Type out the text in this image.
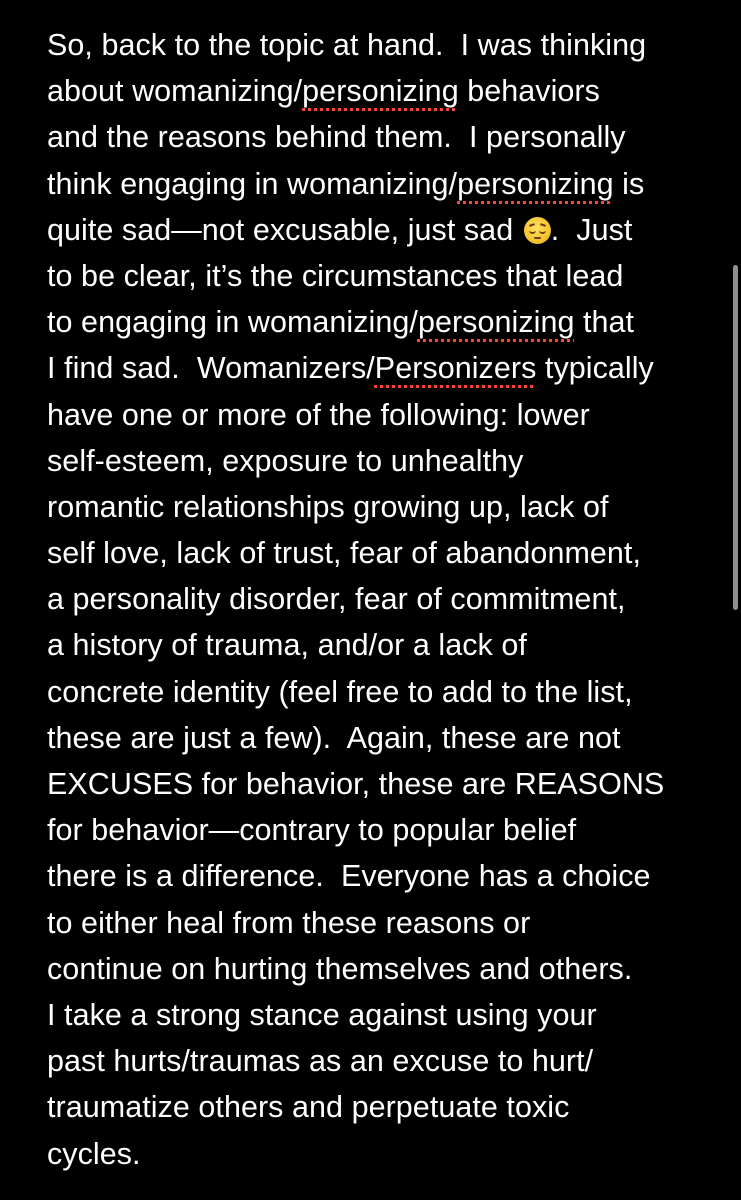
So, back to the topic at hand.  I was thinking
about womanizing/personizing behaviors
and the reasons behind them.  I personally
think engaging in womanizing/personizing is
quite sad—not excusable, just sad
.  Just
to be clear, it’s the circumstances that lead
to engaging in womanizing/personizing that
I find sad.  Womanizers/Personizers typically
have one or more of the following: lower
self-esteem, exposure to unhealthy
romantic relationships growing up, lack of
self love, lack of trust, fear of abandonment,
a personality disorder, fear of commitment,
a history of trauma, and/or a lack of
concrete identity (feel free to add to the list,
these are just a few).  Again, these are not
EXCUSES for behavior, these are REASONS
for behavior—contrary to popular belief
there is a difference.  Everyone has a choice
to either heal from these reasons or
continue on hurting themselves and others.
I take a strong stance against using your
past hurts/traumas as an excuse to hurt/
traumatize others and perpetuate toxic
cycles.
